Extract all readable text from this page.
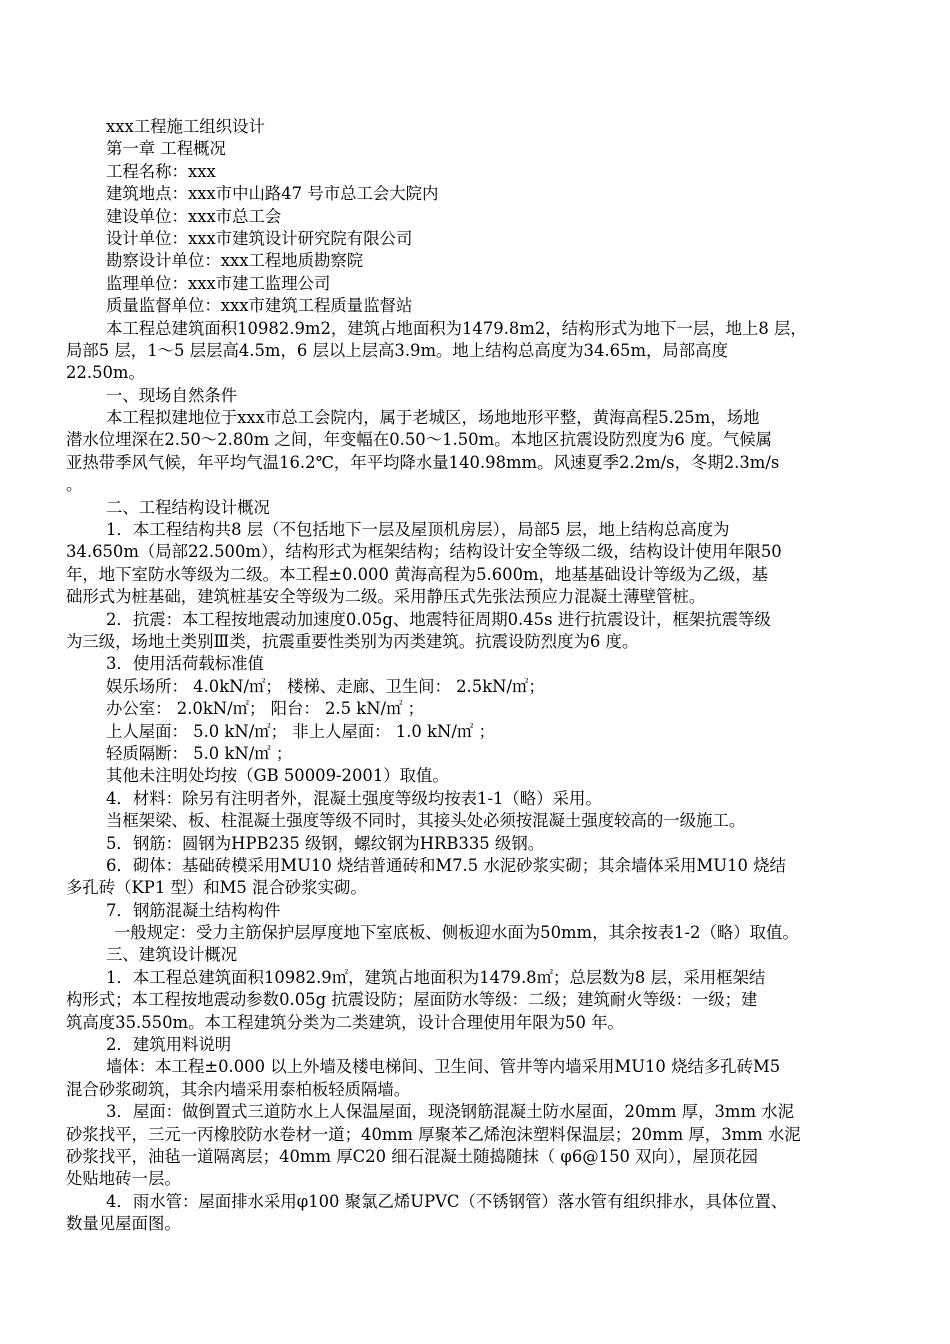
xxx工程施工组织设计
第一章 工程概况
工程名称：xxx
建筑地点：xxx市中山路47 号市总工会大院内
建设单位：xxx市总工会
设计单位：xxx市建筑设计研究院有限公司
勘察设计单位：xxx工程地质勘察院
监理单位：xxx市建工监理公司
质量监督单位：xxx市建筑工程质量监督站
本工程总建筑面积10982.9m2，建筑占地面积为1479.8m2，结构形式为地下一层，地上8 层，
局部5 层，1～5 层层高4.5m，6 层以上层高3.9m。地上结构总高度为34.65m，局部高度
22.50m。
一、现场自然条件
本工程拟建地位于xxx市总工会院内，属于老城区，场地地形平整，黄海高程5.25m，场地
潜水位埋深在2.50～2.80m 之间，年变幅在0.50～1.50m。本地区抗震设防烈度为6 度。气候属
亚热带季风气候，年平均气温16.2℃，年平均降水量140.98mm。风速夏季2.2m/s，冬期2.3m/s
。
二、工程结构设计概况
1．本工程结构共8 层（不包括地下一层及屋顶机房层），局部5 层，地上结构总高度为
34.650m（局部22.500m），结构形式为框架结构；结构设计安全等级二级，结构设计使用年限50
年，地下室防水等级为二级。本工程±0.000 黄海高程为5.600m，地基基础设计等级为乙级，基
础形式为桩基础，建筑桩基安全等级为二级。采用静压式先张法预应力混凝土薄壁管桩。
2．抗震：本工程按地震动加速度0.05g、地震特征周期0.45s 进行抗震设计，框架抗震等级
为三级，场地土类别Ⅲ类，抗震重要性类别为丙类建筑。抗震设防烈度为6 度。
3．使用活荷载标准值
娱乐场所： 4.0kN/㎡； 楼梯、走廊、卫生间： 2.5kN/㎡；
办公室： 2.0kN/㎡； 阳台： 2.5 kN/㎡ ；
上人屋面： 5.0 kN/㎡； 非上人屋面： 1.0 kN/㎡ ；
轻质隔断： 5.0 kN/㎡ ；
其他未注明处均按（GB 50009-2001）取值。
4．材料：除另有注明者外，混凝土强度等级均按表1-1（略）采用。
当框架梁、板、柱混凝土强度等级不同时，其接头处必须按混凝土强度较高的一级施工。
5．钢筋：圆钢为HPB235 级钢，螺纹钢为HRB335 级钢。
6．砌体：基础砖模采用MU10 烧结普通砖和M7.5 水泥砂浆实砌；其余墙体采用MU10 烧结
多孔砖（KP1 型）和M5 混合砂浆实砌。
7．钢筋混凝土结构构件
一般规定：受力主筋保护层厚度地下室底板、侧板迎水面为50mm，其余按表1-2（略）取值。
三、建筑设计概况
1．本工程总建筑面积10982.9㎡，建筑占地面积为1479.8㎡；总层数为8 层，采用框架结
构形式；本工程按地震动参数0.05g 抗震设防；屋面防水等级：二级；建筑耐火等级：一级；建
筑高度35.550m。本工程建筑分类为二类建筑，设计合理使用年限为50 年。
2．建筑用料说明
墙体：本工程±0.000 以上外墙及楼电梯间、卫生间、管井等内墙采用MU10 烧结多孔砖M5
混合砂浆砌筑，其余内墙采用泰柏板轻质隔墙。
3．屋面：做倒置式三道防水上人保温屋面，现浇钢筋混凝土防水屋面，20mm 厚，3mm 水泥
砂浆找平，三元一丙橡胶防水卷材一道；40mm 厚聚苯乙烯泡沫塑料保温层；20mm 厚，3mm 水泥
砂浆找平，油毡一道隔离层；40mm 厚C20 细石混凝土随捣随抹（ φ6@150 双向），屋顶花园
处贴地砖一层。
4．雨水管：屋面排水采用φ100 聚氯乙烯UPVC（不锈钢管）落水管有组织排水，具体位置、
数量见屋面图。
